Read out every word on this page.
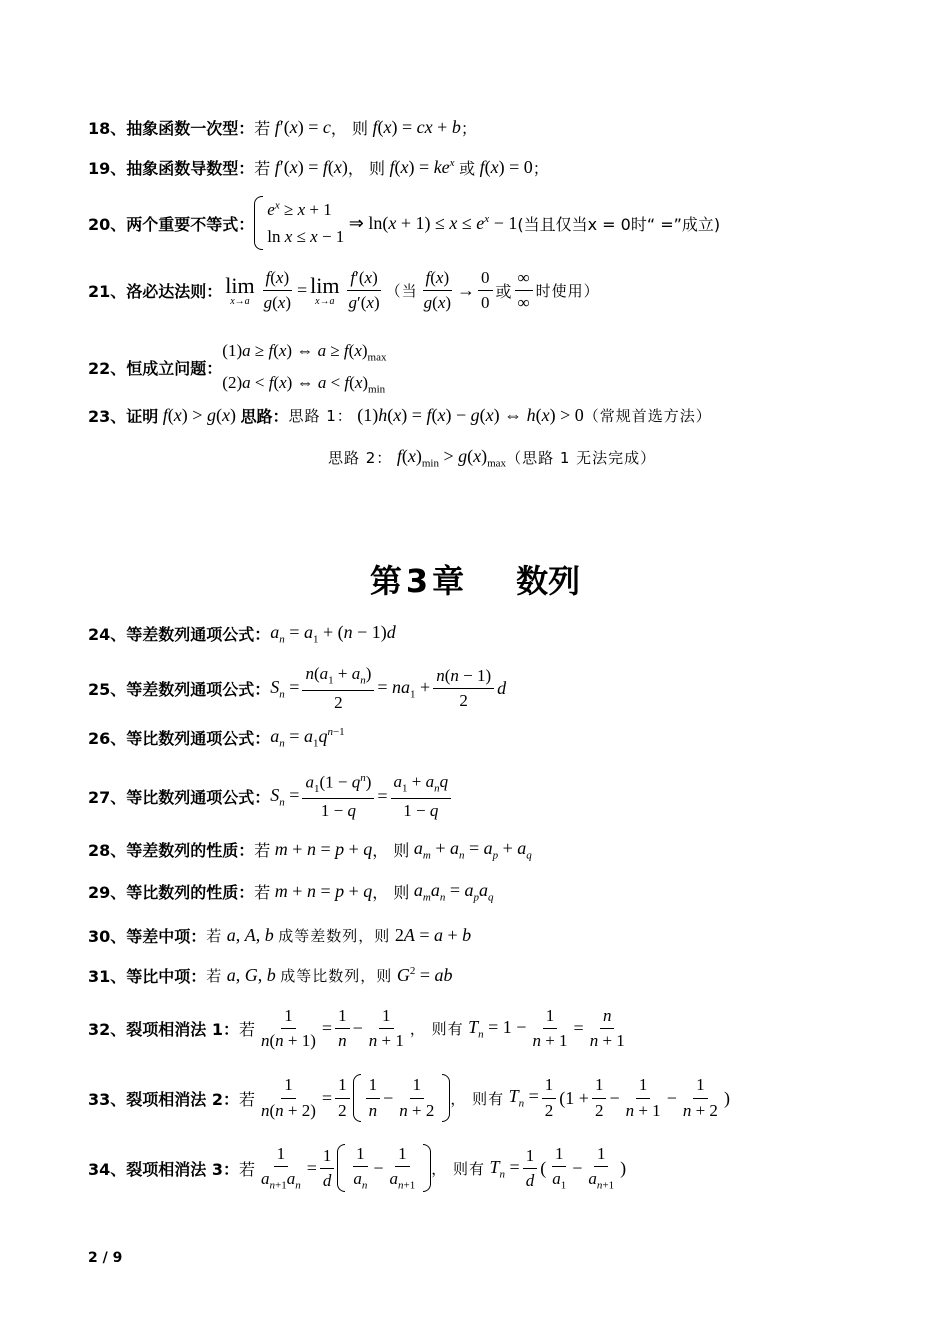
18、抽象函数一次型： 若 f′(x) = c ， 则 f(x) = cx + b ；
19、抽象函数导数型： 若 f′(x) = f(x) ， 则 $f(x) = ke^x$ 或 f(x) = 0 ；
20、两个重要不等式：
$e^x \ge x + 1$
ln x ≤ x − 1
⇒ $\ln(x + 1) \le x \le e^x - 1$ (当且仅当x = 0时“ =”成立)
21、洛必达法则： lim
$x\to a \frac{f(x)}{g(x)} = \lim$
$x\to a \frac{f'(x)}{g'(x)}$ （当 $\frac{f(x)}{g(x)} \to \frac{0}{0}$ 或 $\frac{\infty}{\infty}$ 时使用）
22、恒成立问题：
(1)a ≥ f(x) ⇔ $a \ge f(x)_{max}$
(2)a < f(x) ⇔ $a < f(x)_{min}$
23、证明 f(x) > g(x) 思路： 思路 1： (1)h(x) = f(x) − g(x) ⇔ h(x) > 0 （常规首选方法）
思路 2： $f(x)_{min} > g(x)_{max}$ （思路 1 无法完成）
第 3 章 数列
24、等差数列通项公式： $a_n = a_1 + (n - 1)d$
25、等差数列通项公式： $S_n = \frac{n(a_1 + a_n)}{2} = na_1 + \frac{n(n - 1)}{2}$ d
26、等比数列通项公式： $a_n = a_1q^{n-1}$
27、等比数列通项公式： $S_n = \frac{a_1(1 - q^n)}{1 - q} = \frac{a_1 + a_nq}{1 - q}$
28、等差数列的性质： 若 m + n = p + q ， 则 $a_m + a_n = a_p + a_q$
29、等比数列的性质： 若 m + n = p + q ， 则 $a_ma_n = a_pa_q$
30、等差中项： 若 a, A, b 成等差数列，则 2A = a + b
31、等比中项： 若 a, G, b 成等比数列，则 $G^2$ = ab
32、裂项相消法 1： 若 $\frac{1}{n(n + 1)} = \frac{1}{n} - \frac{1}{n + 1}$ ， 则有 $T_n = 1 - \frac{1}{n + 1} = \frac{n}{n + 1}$
33、裂项相消法 2： 若 $\frac{1}{n(n + 2)} = \frac{1}{2} \frac{1}{n} - \frac{1}{n + 2}$ ， 则有 $T_n = \frac{1}{2} (1 + \frac{1}{2} - \frac{1}{n + 1} - \frac{1}{n + 2}$ )
34、裂项相消法 3： 若 $\frac{1}{a_{n+1}a_n} = \frac{1}{d} \frac{1}{a_n} - \frac{1}{a_{n+1}}$ ， 则有 $T_n = \frac{1}{d}$ ( $\frac{1}{a_1} - \frac{1}{a_{n+1}}$ )
2 / 9
